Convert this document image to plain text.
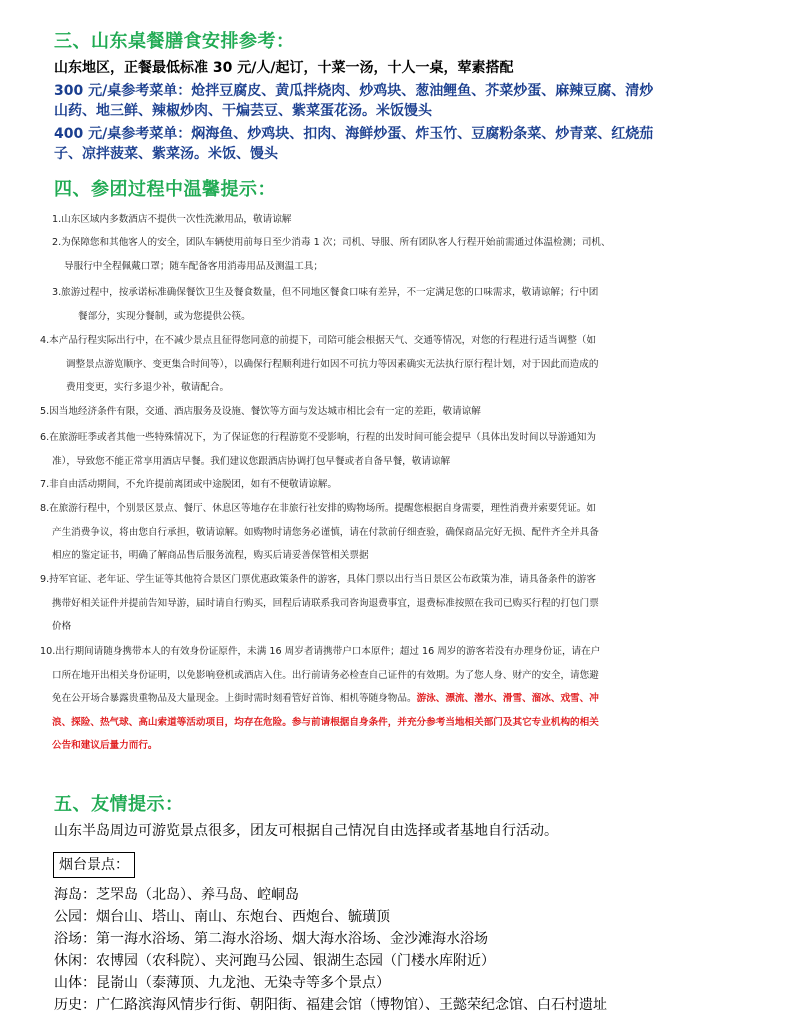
三、山东桌餐膳食安排参考：
山东地区，正餐最低标准 30 元/人/起订，十菜一汤，十人一桌，荤素搭配
300 元/桌参考菜单：炝拌豆腐皮、黄瓜拌烧肉、炒鸡块、葱油鲤鱼、芥菜炒蛋、麻辣豆腐、清炒
山药、地三鲜、辣椒炒肉、干煸芸豆、紫菜蛋花汤。米饭馒头
400 元/桌参考菜单：焖海鱼、炒鸡块、扣肉、海鲜炒蛋、炸玉竹、豆腐粉条菜、炒青菜、红烧茄
子、凉拌菠菜、紫菜汤。米饭、馒头
四、参团过程中温馨提示：
1.山东区域内多数酒店不提供一次性洗漱用品，敬请谅解
2.为保障您和其他客人的安全，团队车辆使用前每日至少消毒 1 次；司机、导服、所有团队客人行程开始前需通过体温检测；司机、
导服行中全程佩戴口罩；随车配备客用消毒用品及测温工具；
3.旅游过程中，按承诺标准确保餐饮卫生及餐食数量，但不同地区餐食口味有差异，不一定满足您的口味需求，敬请谅解；行中团
餐部分，实现分餐制，或为您提供公筷。
4.本产品行程实际出行中，在不减少景点且征得您同意的前提下，司陪可能会根据天气、交通等情况，对您的行程进行适当调整（如
调整景点游览顺序、变更集合时间等），以确保行程顺利进行如因不可抗力等因素确实无法执行原行程计划，对于因此而造成的
费用变更，实行多退少补，敬请配合。
5.因当地经济条件有限，交通、酒店服务及设施、餐饮等方面与发达城市相比会有一定的差距，敬请谅解
6.在旅游旺季或者其他一些特殊情况下，为了保证您的行程游览不受影响，行程的出发时间可能会提早（具体出发时间以导游通知为
准），导致您不能正常享用酒店早餐。我们建议您跟酒店协调打包早餐或者自备早餐，敬请谅解
7.非自由活动期间，不允许提前离团或中途脱团，如有不便敬请谅解。
8.在旅游行程中，个别景区景点、餐厅、休息区等地存在非旅行社安排的购物场所。提醒您根据自身需要，理性消费并索要凭证。如
产生消费争议，将由您自行承担，敬请谅解。如购物时请您务必谨慎，请在付款前仔细查验，确保商品完好无损、配件齐全并具备
相应的鉴定证书，明确了解商品售后服务流程，购买后请妥善保管相关票据
9.持军官证、老年证、学生证等其他符合景区门票优惠政策条件的游客，具体门票以出行当日景区公布政策为准，请具备条件的游客
携带好相关证件并提前告知导游，届时请自行购买，回程后请联系我司咨询退费事宜，退费标准按照在我司已购买行程的打包门票
价格
10.出行期间请随身携带本人的有效身份证原件，未满 16 周岁者请携带户口本原件；超过 16 周岁的游客若没有办理身份证，请在户
口所在地开出相关身份证明，以免影响登机或酒店入住。出行前请务必检查自己证件的有效期。为了您人身、财产的安全，请您避
免在公开场合暴露贵重物品及大量现金。上街时需时刻看管好首饰、相机等随身物品。游泳、漂流、潜水、滑雪、溜冰、戏雪、冲
浪、探险、热气球、高山索道等活动项目，均存在危险。参与前请根据自身条件，并充分参考当地相关部门及其它专业机构的相关
公告和建议后量力而行。
五、友情提示：
山东半岛周边可游览景点很多，团友可根据自己情况自由选择或者基地自行活动。
烟台景点：
海岛：芝罘岛（北岛）、养马岛、崆峒岛
公园：烟台山、塔山、南山、东炮台、西炮台、毓璜顶
浴场：第一海水浴场、第二海水浴场、烟大海水浴场、金沙滩海水浴场
休闲：农博园（农科院）、夹河跑马公园、银湖生态园（门楼水库附近）
山体：昆嵛山（泰薄顶、九龙池、无染寺等多个景点）
历史：广仁路滨海风情步行街、朝阳街、福建会馆（博物馆）、王懿荣纪念馆、白石村遗址
